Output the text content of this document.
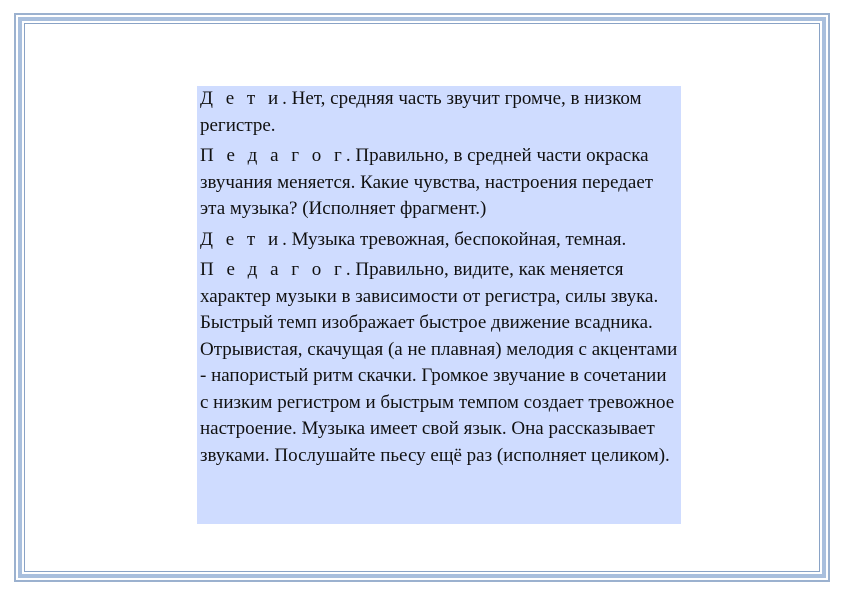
Д е т и. Нет, средняя часть звучит громче, в низком регистре.

П е д а г о г. Правильно, в средней части окраска звучания меняется. Какие чувства, настроения передает эта музыка? (Исполняет фрагмент.)

Д е т и. Музыка тревожная, беспокойная, темная.

П е д а г о г. Правильно, видите, как меняется характер музыки в зависимости от регистра, силы звука. Быстрый темп изображает быстрое движение всадника. Отрывистая, скачущая (а не плавная) мелодия с акцентами - напористый ритм скачки. Громкое звучание в сочетании с низким регистром и быстрым темпом создает тревожное настроение. Музыка имеет свой язык. Она рассказывает звуками. Послушайте пьесу ещё раз (исполняет целиком).
